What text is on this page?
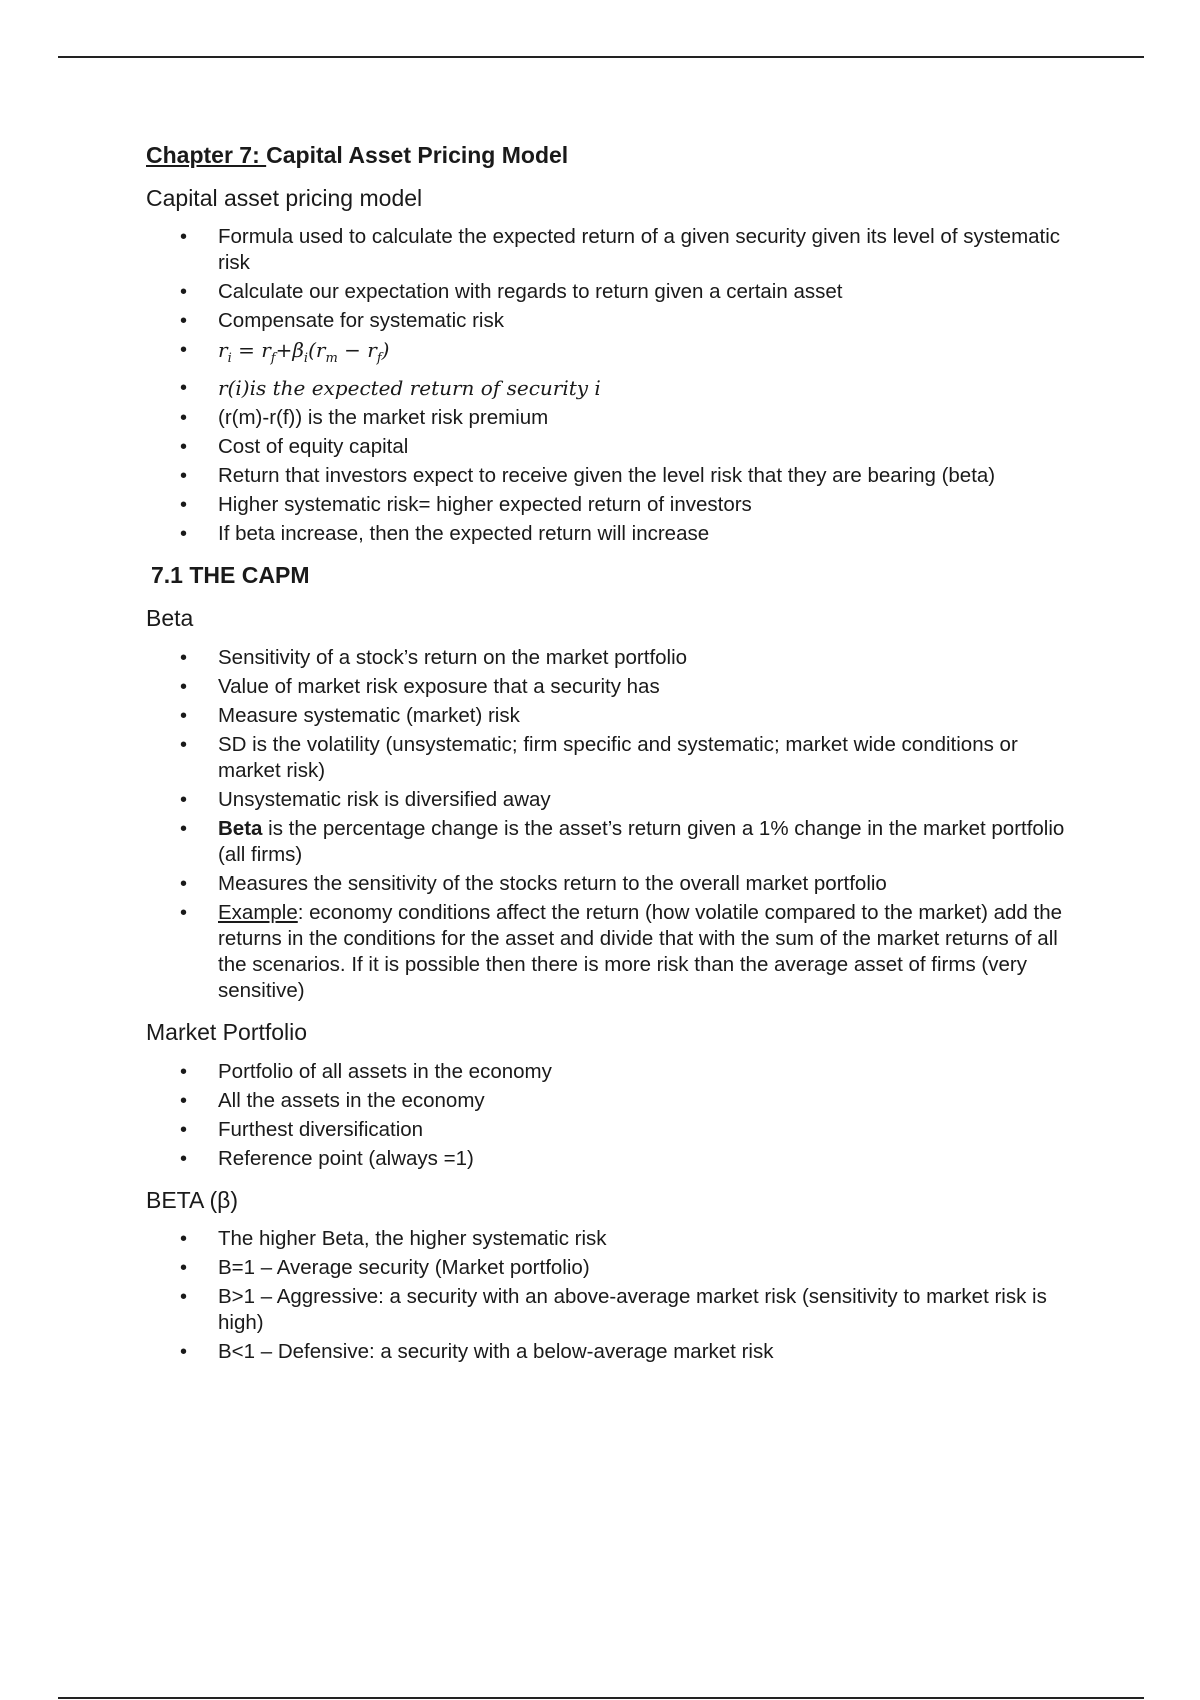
Chapter 7: Capital Asset Pricing Model
Capital asset pricing model
• Formula used to calculate the expected return of a given security given its level of systematic risk
• Calculate our expectation with regards to return given a certain asset
• Compensate for systematic risk
• $r_i = r_f+\beta_i(r_m - r_f)$
• r(i)is the expected return of security i
• (r(m)-r(f)) is the market risk premium
• Cost of equity capital
• Return that investors expect to receive given the level risk that they are bearing (beta)
• Higher systematic risk= higher expected return of investors
• If beta increase, then the expected return will increase
7.1 THE CAPM
Beta
• Sensitivity of a stock’s return on the market portfolio
• Value of market risk exposure that a security has
• Measure systematic (market) risk
• SD is the volatility (unsystematic; firm specific and systematic; market wide conditions or market risk)
• Unsystematic risk is diversified away
• Beta is the percentage change is the asset’s return given a 1% change in the market portfolio (all firms)
• Measures the sensitivity of the stocks return to the overall market portfolio
• Example: economy conditions affect the return (how volatile compared to the market) add the returns in the conditions for the asset and divide that with the sum of the market returns of all the scenarios. If it is possible then there is more risk than the average asset of firms (very sensitive)
Market Portfolio
• Portfolio of all assets in the economy
• All the assets in the economy
• Furthest diversification
• Reference point (always =1)
BETA (β)
• The higher Beta, the higher systematic risk
• B=1 – Average security (Market portfolio)
• B>1 – Aggressive: a security with an above-average market risk (sensitivity to market risk is high)
• B<1 – Defensive: a security with a below-average market risk
